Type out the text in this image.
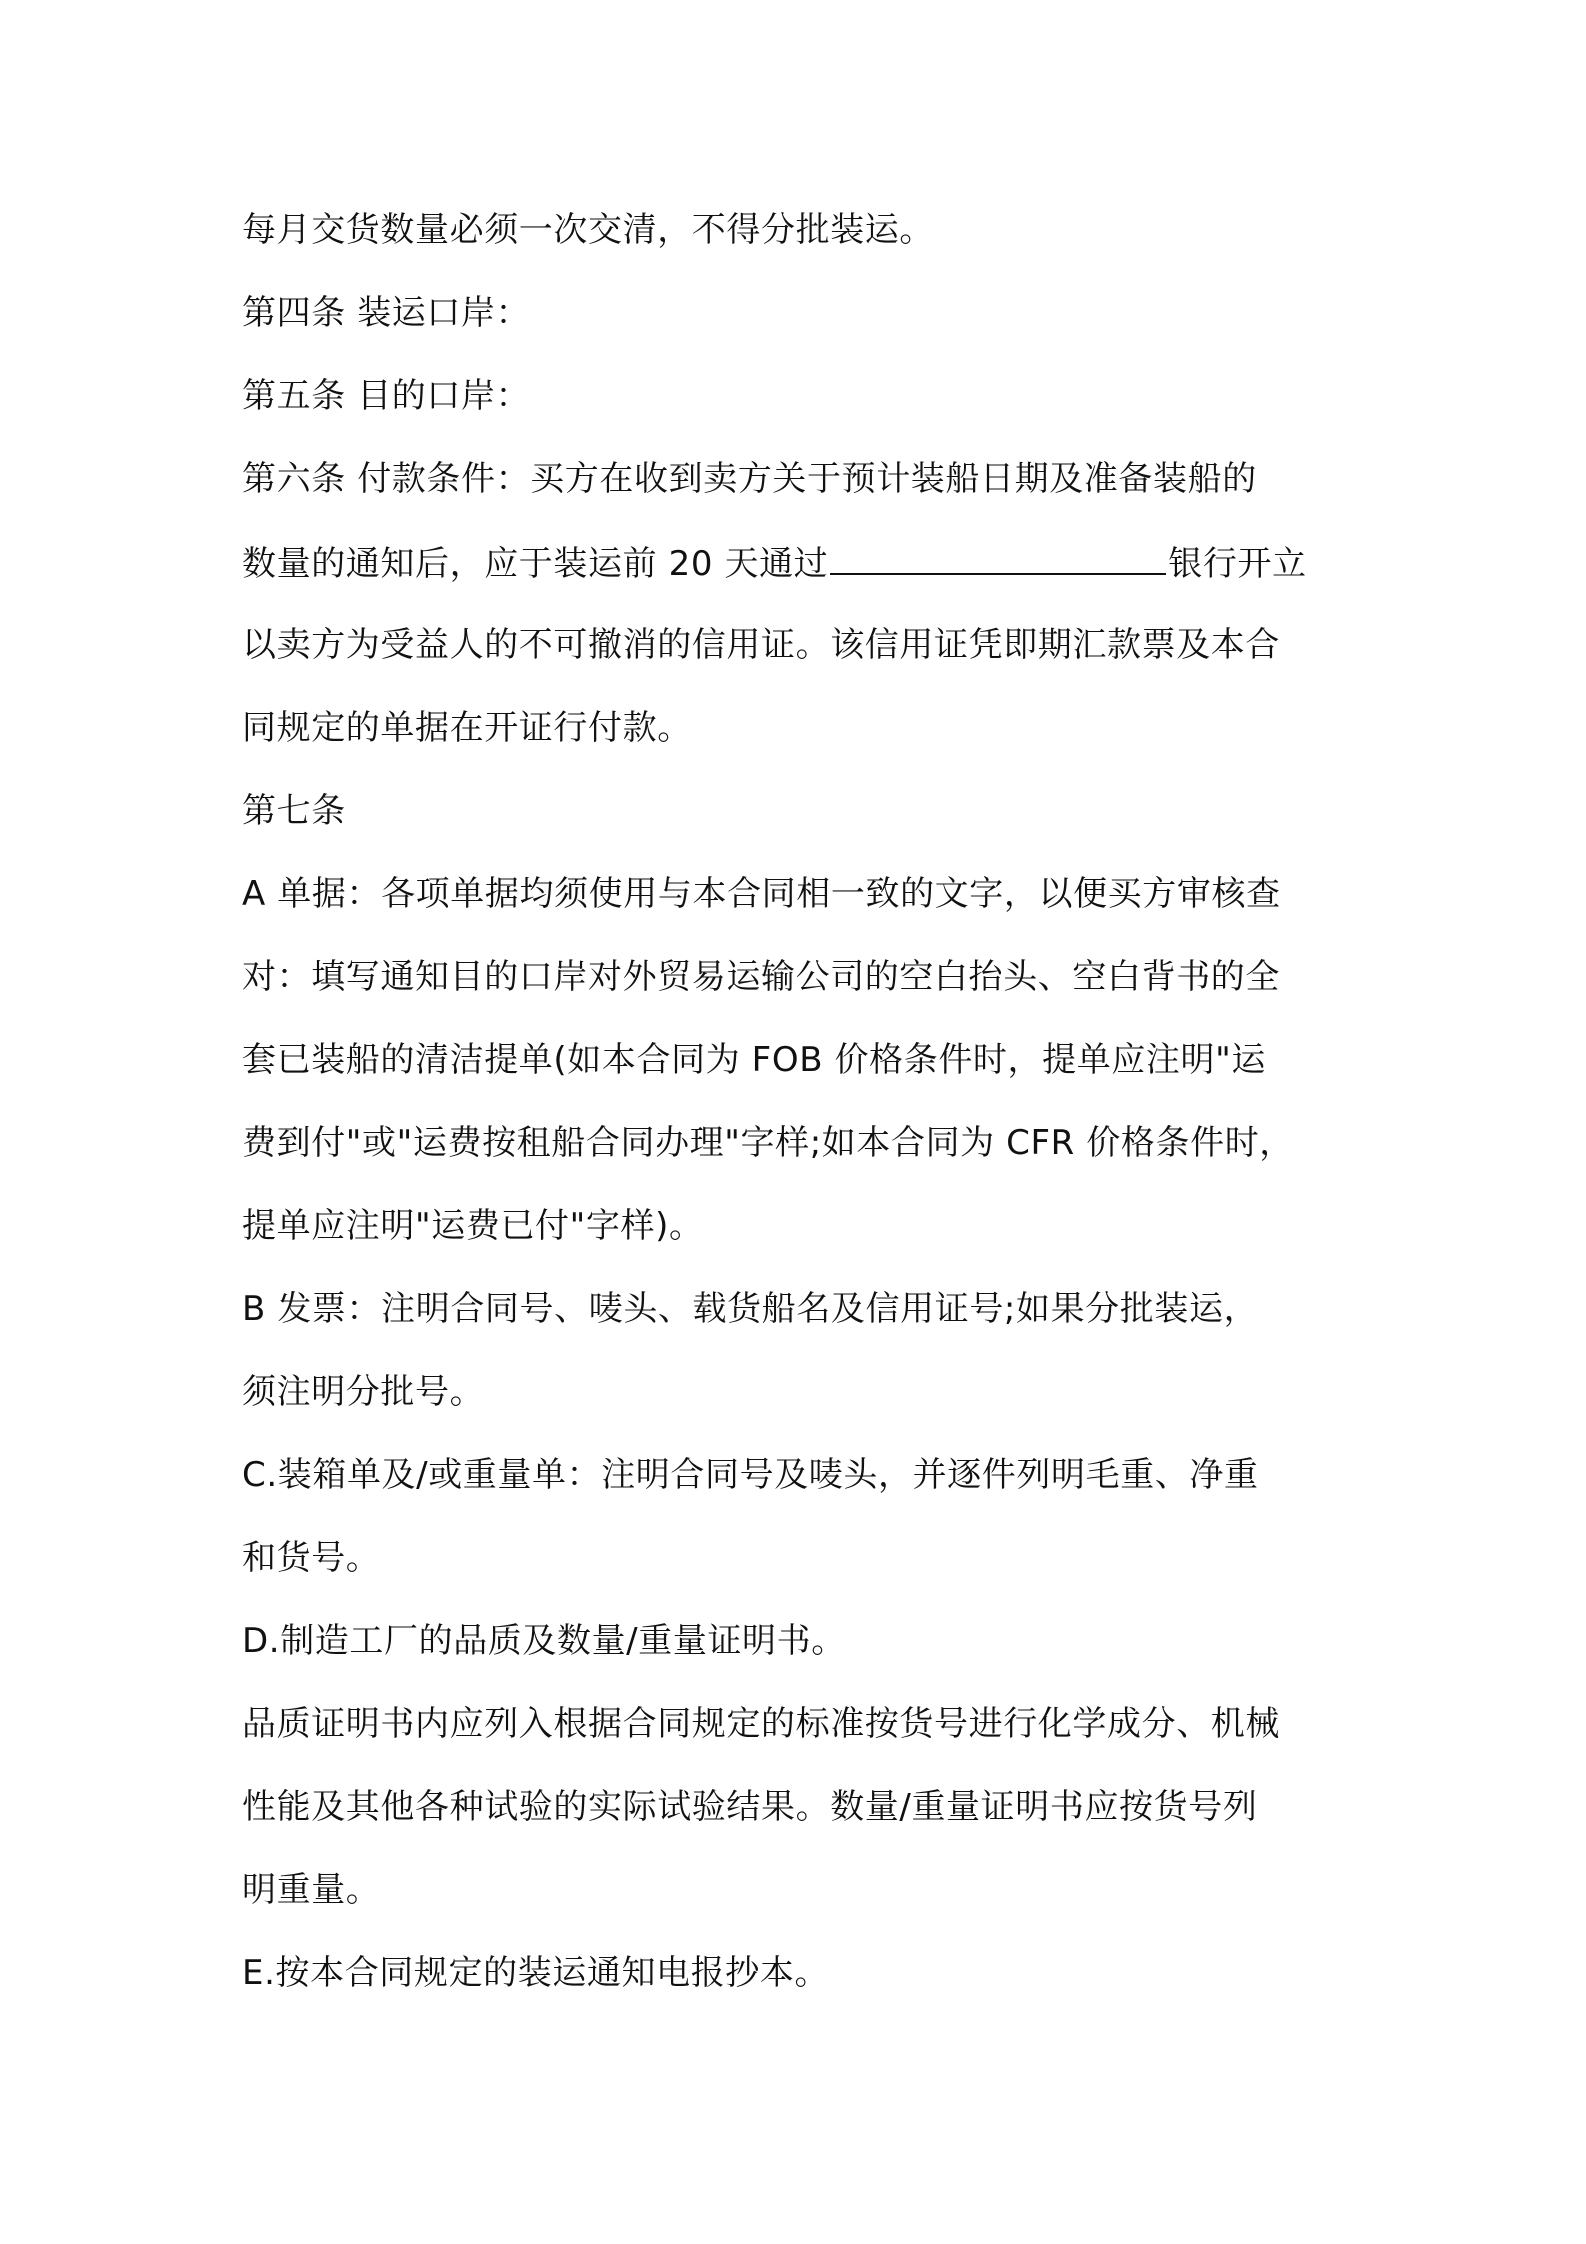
每月交货数量必须一次交清，不得分批装运。
第四条 装运口岸：
第五条 目的口岸：
第六条 付款条件：买方在收到卖方关于预计装船日期及准备装船的
数量的通知后，应于装运前 20 天通过	银行开立
以卖方为受益人的不可撤消的信用证。该信用证凭即期汇款票及本合
同规定的单据在开证行付款。
第七条
A 单据：各项单据均须使用与本合同相一致的文字，以便买方审核查
对：填写通知目的口岸对外贸易运输公司的空白抬头、空白背书的全
套已装船的清洁提单(如本合同为 FOB 价格条件时，提单应注明"运
费到付"或"运费按租船合同办理"字样;如本合同为 CFR 价格条件时，
提单应注明"运费已付"字样)。
B 发票：注明合同号、唛头、载货船名及信用证号;如果分批装运，
须注明分批号。
C.装箱单及/或重量单：注明合同号及唛头，并逐件列明毛重、净重
和货号。
D.制造工厂的品质及数量/重量证明书。
品质证明书内应列入根据合同规定的标准按货号进行化学成分、机械
性能及其他各种试验的实际试验结果。数量/重量证明书应按货号列
明重量。
E.按本合同规定的装运通知电报抄本。
